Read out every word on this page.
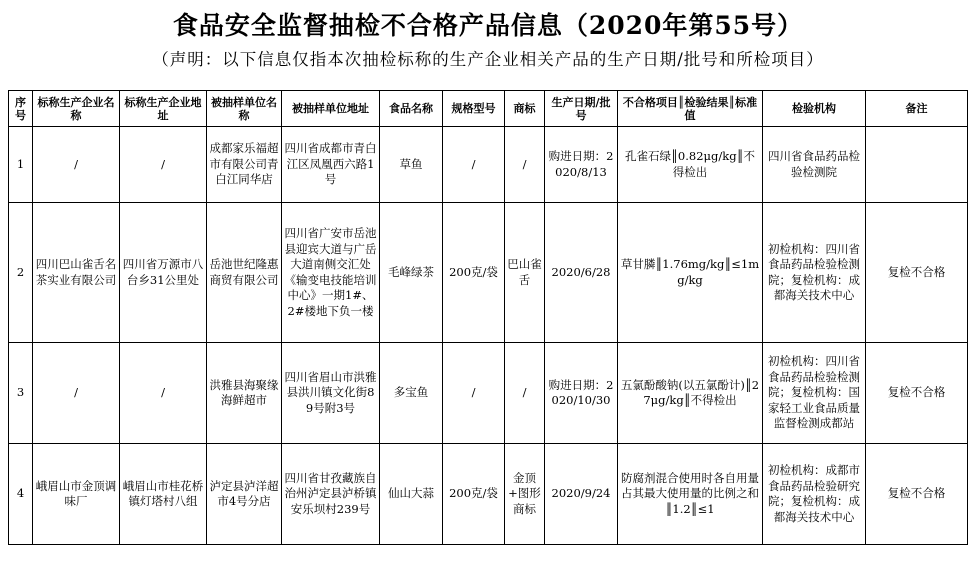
食品安全监督抽检不合格产品信息（2020年第55号）
（声明：以下信息仅指本次抽检标称的生产企业相关产品的生产日期/批号和所检项目）
序号	标称生产企业名称	标称生产企业地址	被抽样单位名称	被抽样单位地址	食品名称	规格型号	商标	生产日期/批号	不合格项目║检验结果║标准值	检验机构	备注
1	/	/	成都家乐福超市有限公司青白江同华店	四川省成都市青白江区凤凰西六路1号	草鱼	/	/	购进日期：2020/8/13	孔雀石绿║0.82μg/kg║不得检出	四川省食品药品检验检测院	
2	四川巴山雀舌名茶实业有限公司	四川省万源市八台乡31公里处	岳池世纪隆惠商贸有限公司	四川省广安市岳池县迎宾大道与广岳大道南侧交汇处《输变电技能培训中心》一期1#、2#楼地下负一楼	毛峰绿茶	200克/袋	巴山雀舌	2020/6/28	草甘膦║1.76mg/kg║≤1mg/kg	初检机构：四川省食品药品检验检测院；复检机构：成都海关技术中心	复检不合格
3	/	/	洪雅县海聚缘海鲜超市	四川省眉山市洪雅县洪川镇文化街89号附3号	多宝鱼	/	/	购进日期：2020/10/30	五氯酚酸钠(以五氯酚计)║27μg/kg║不得检出	初检机构：四川省食品药品检验检测院；复检机构：国家轻工业食品质量监督检测成都站	复检不合格
4	峨眉山市金顶调味厂	峨眉山市桂花桥镇灯塔村八组	泸定县泸洋超市4号分店	四川省甘孜藏族自治州泸定县泸桥镇安乐坝村239号	仙山大蒜	200克/袋	金顶+图形商标	2020/9/24	防腐剂混合使用时各自用量占其最大使用量的比例之和║1.2║≤1	初检机构：成都市食品药品检验研究院；复检机构：成都海关技术中心	复检不合格
